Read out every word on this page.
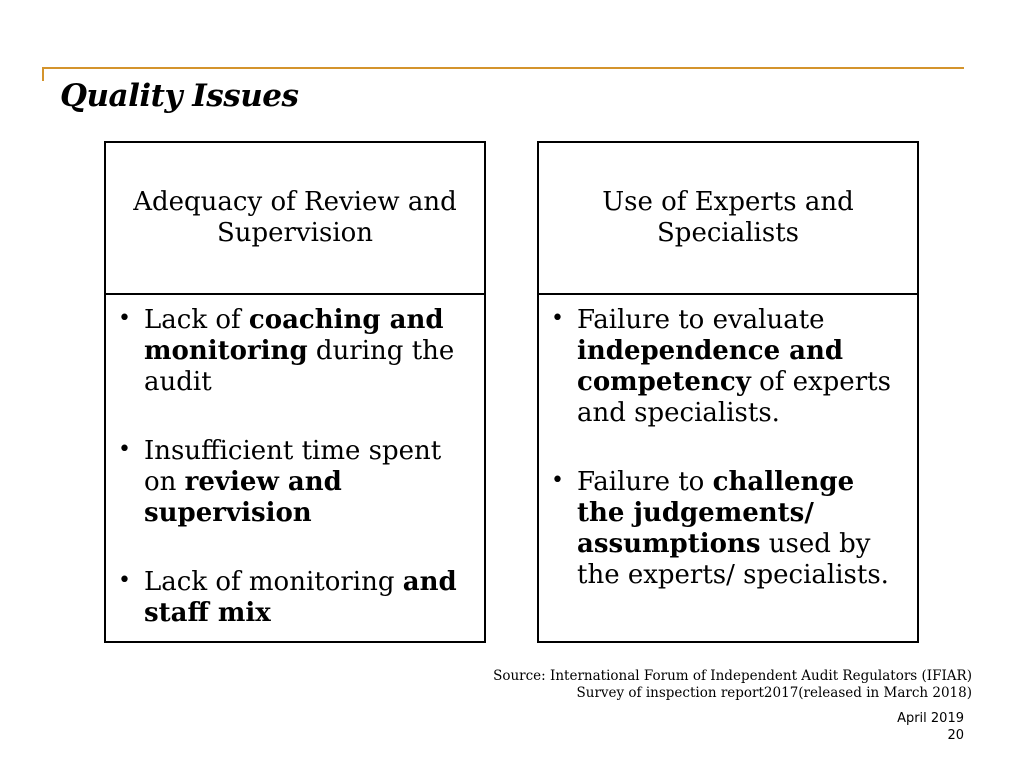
Quality Issues
Adequacy of Review and Supervision
• Lack of coaching and monitoring during the audit
• Insufficient time spent on review and supervision
• Lack of monitoring and staff mix
Use of Experts and Specialists
• Failure to evaluate independence and competency of experts and specialists.
• Failure to challenge the judgements/ assumptions used by the experts/ specialists.
Source: International Forum of Independent Audit Regulators (IFIAR)
Survey of inspection report2017(released in March 2018)
April 2019
20
